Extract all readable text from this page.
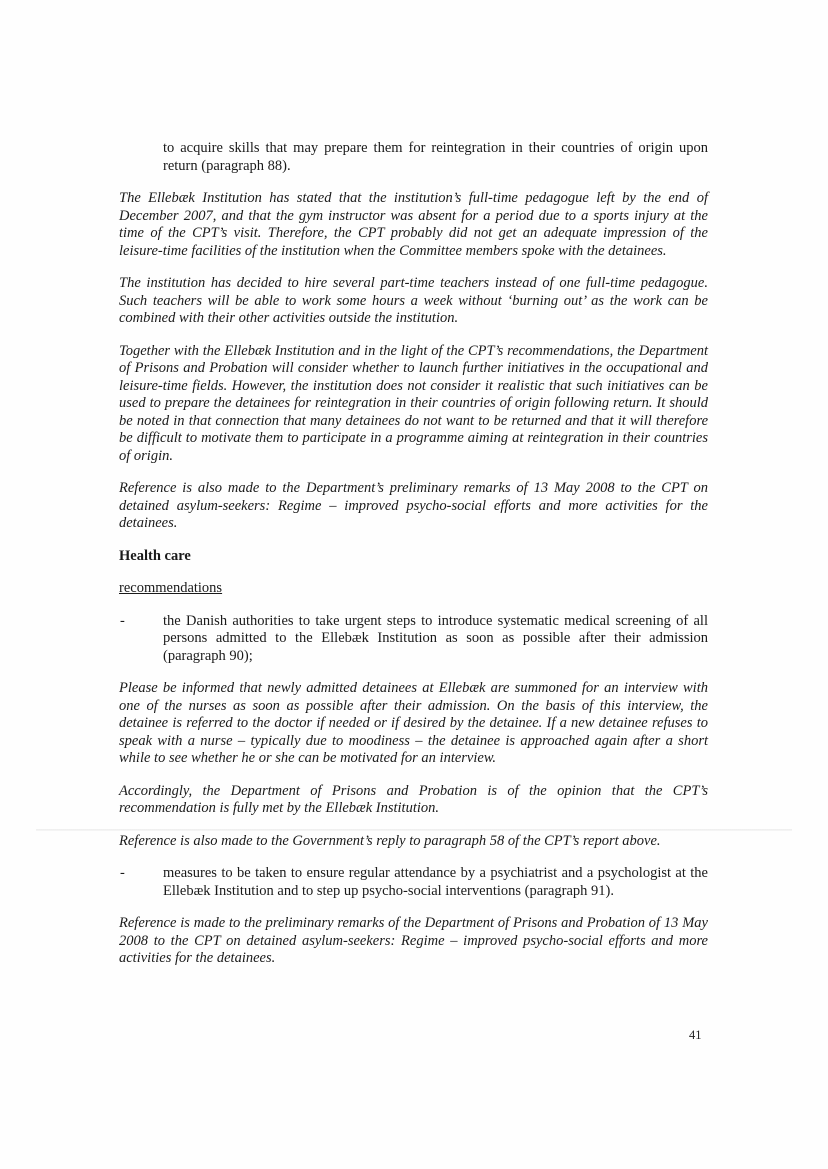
to acquire skills that may prepare them for reintegration in their countries of origin upon return (paragraph 88).
The Ellebæk Institution has stated that the institution’s full-time pedagogue left by the end of December 2007, and that the gym instructor was absent for a period due to a sports injury at the time of the CPT’s visit. Therefore, the CPT probably did not get an adequate impression of the leisure-time facilities of the institution when the Committee members spoke with the detainees.
The institution has decided to hire several part-time teachers instead of one full-time pedagogue. Such teachers will be able to work some hours a week without ‘burning out’ as the work can be combined with their other activities outside the institution.
Together with the Ellebæk Institution and in the light of the CPT’s recommendations, the Department of Prisons and Probation will consider whether to launch further initiatives in the occupational and leisure-time fields. However, the institution does not consider it realistic that such initiatives can be used to prepare the detainees for reintegration in their countries of origin following return. It should be noted in that connection that many detainees do not want to be returned and that it will therefore be difficult to motivate them to participate in a programme aiming at reintegration in their countries of origin.
Reference is also made to the Department’s preliminary remarks of 13 May 2008 to the CPT on detained asylum-seekers: Regime – improved psycho-social efforts and more activities for the detainees.
Health care
recommendations
-	the Danish authorities to take urgent steps to introduce systematic medical screening of all persons admitted to the Ellebæk Institution as soon as possible after their admission (paragraph 90);
Please be informed that newly admitted detainees at Ellebæk are summoned for an interview with one of the nurses as soon as possible after their admission. On the basis of this interview, the detainee is referred to the doctor if needed or if desired by the detainee. If a new detainee refuses to speak with a nurse – typically due to moodiness – the detainee is approached again after a short while to see whether he or she can be motivated for an interview.
Accordingly, the Department of Prisons and Probation is of the opinion that the CPT’s recommendation is fully met by the Ellebæk Institution.
Reference is also made to the Government’s reply to paragraph 58 of the CPT’s report above.
-	measures to be taken to ensure regular attendance by a psychiatrist and a psychologist at the Ellebæk Institution and to step up psycho-social interventions (paragraph 91).
Reference is made to the preliminary remarks of the Department of Prisons and Probation of 13 May 2008 to the CPT on detained asylum-seekers: Regime – improved psycho-social efforts and more activities for the detainees.
41
